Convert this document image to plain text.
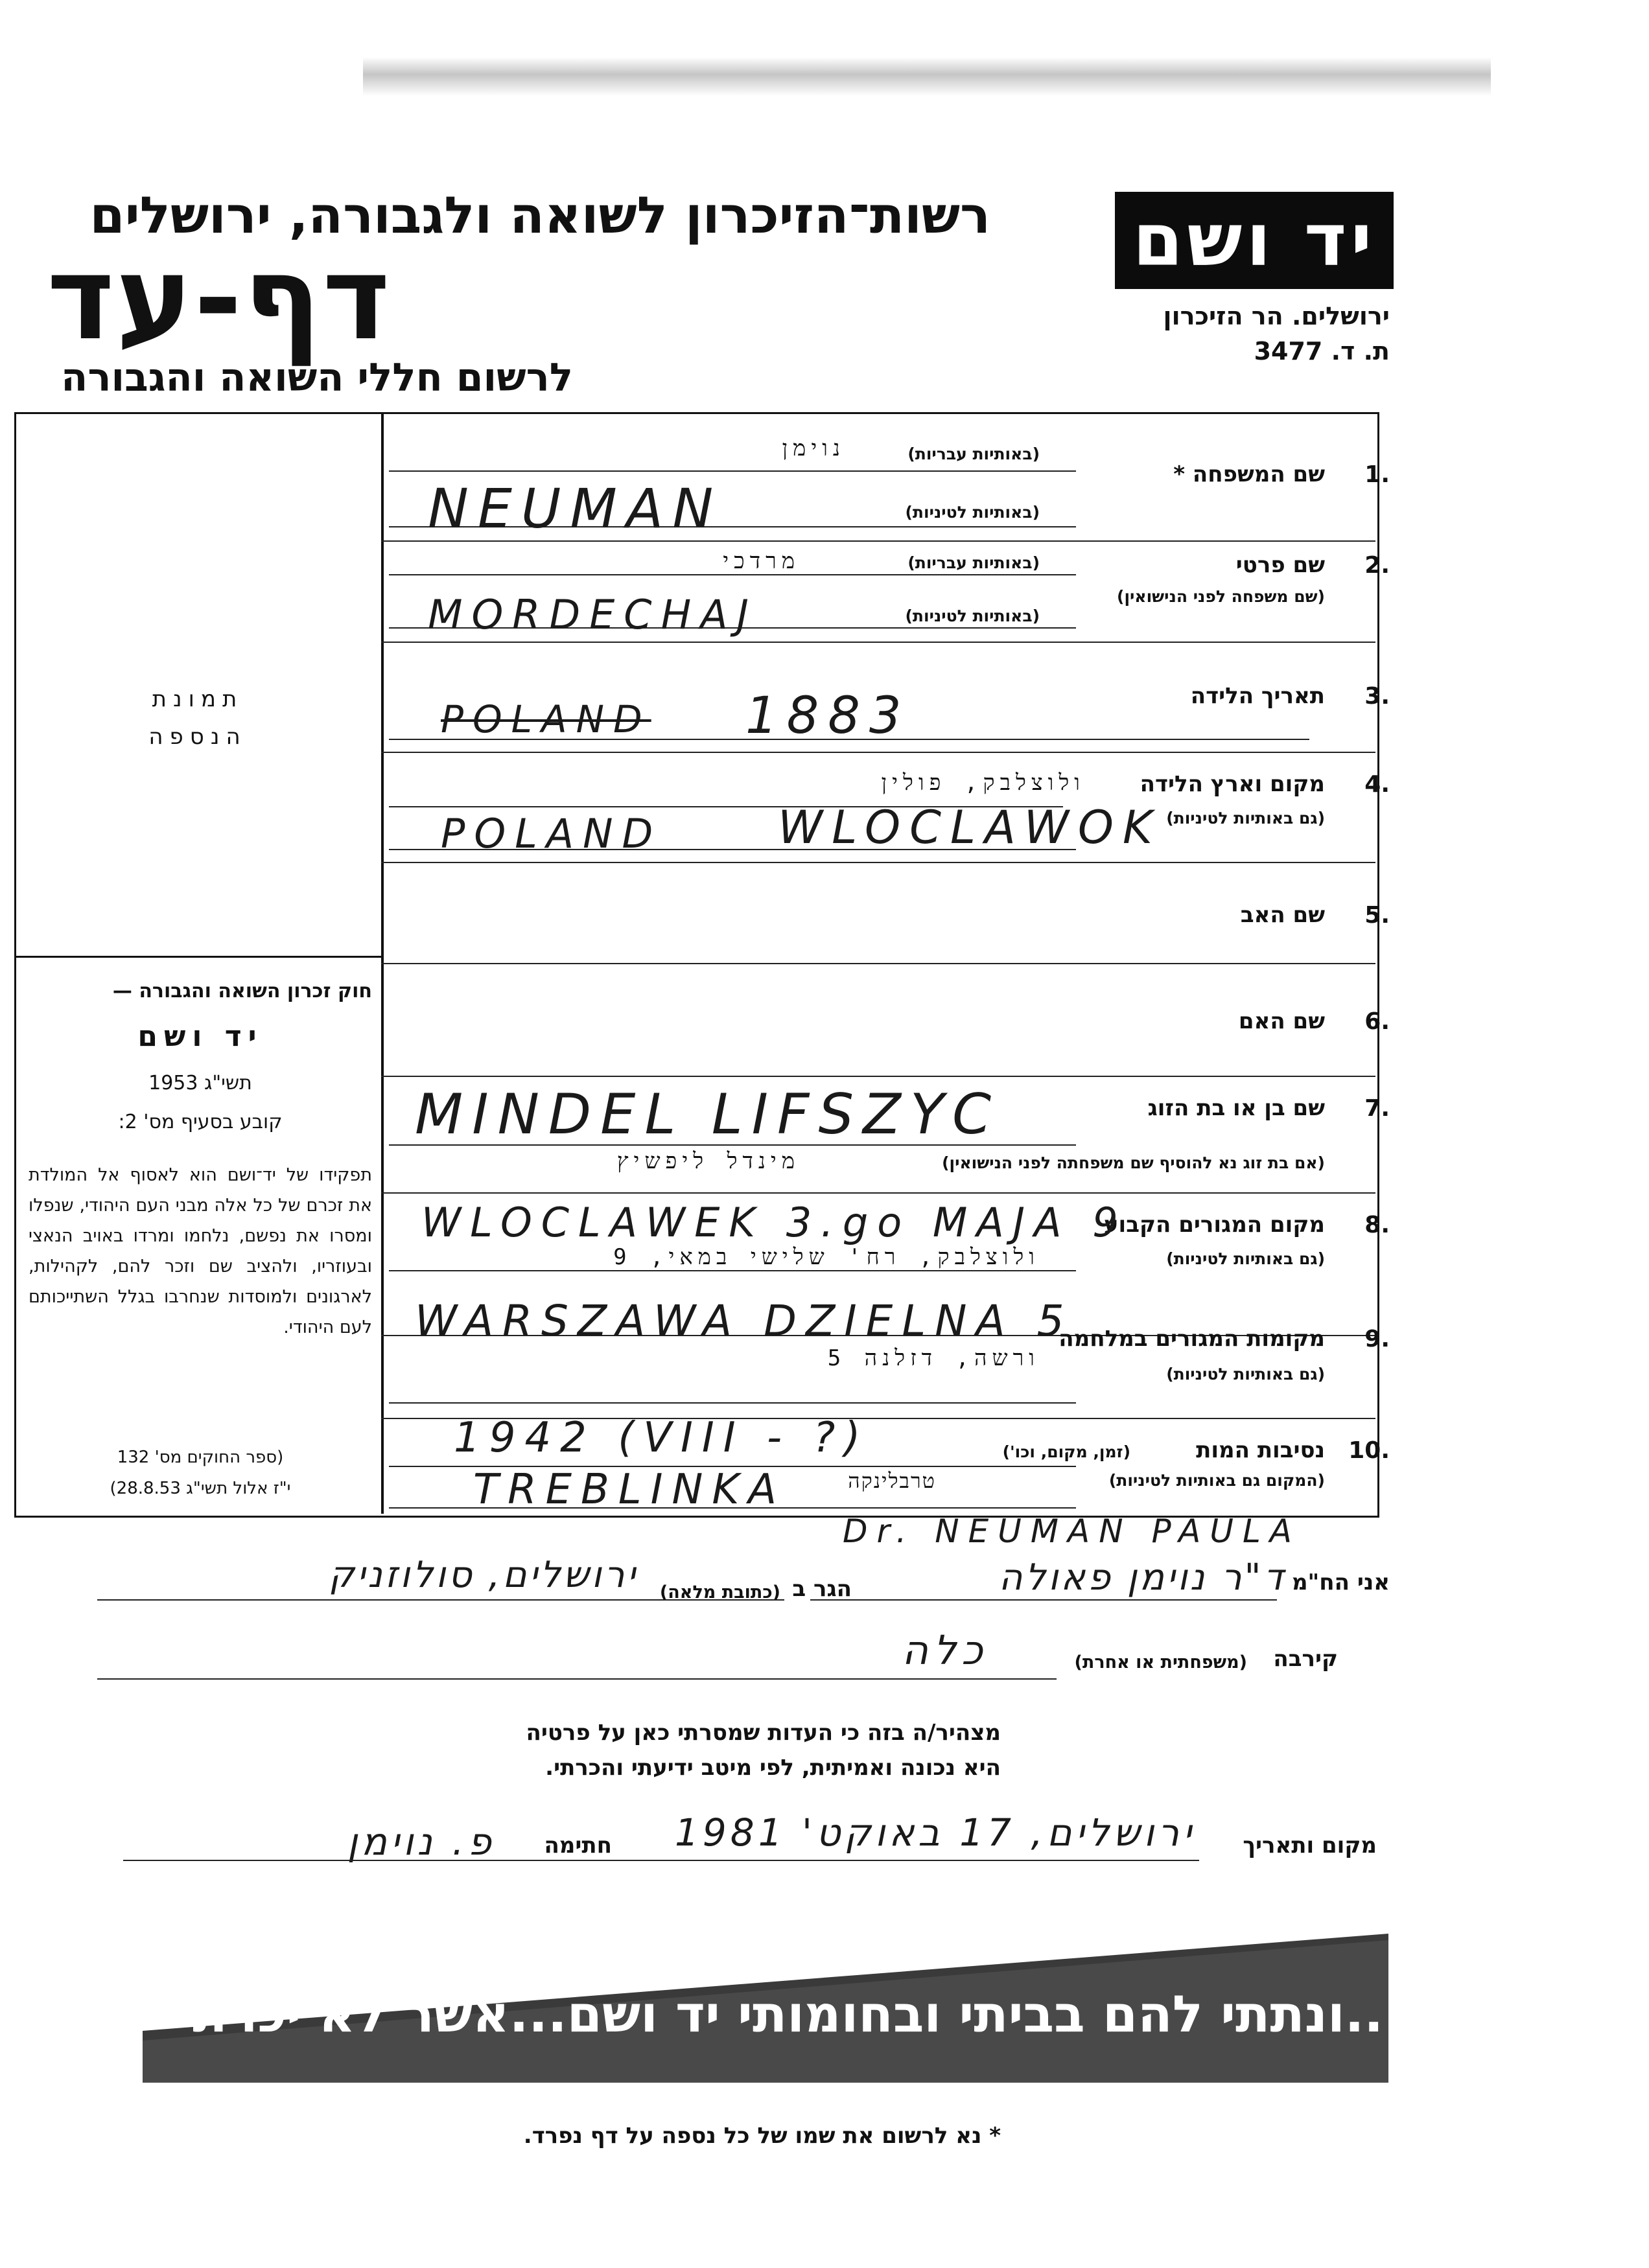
רשות־הזיכרון לשואה ולגבורה, ירושלים
דף-עד
לרשום חללי השואה והגבורה
יד ושם
ירושלים. הר הזיכרון
ת. ד. 3477
תמונת
הנספה
חוק זכרון השואה והגבורה —
יד ושם
תשי"ג 1953
קובע בסעיף מס' 2:
תפקידו של יד־ושם הוא לאסוף אל המולדת את זכרם של כל אלה מבני העם היהודי, שנפלו ומסרו את נפשם, נלחמו ומרדו באויב הנאצי ובעוזריו, ולהציב שם וזכר להם, לקהילות, לארגונים ולמוסדות שנחרבו בגלל השתייכותם לעם היהודי.
(ספר החוקים מס' 132
י"ז אלול תשי"ג 28.8.53)
1.
שם המשפחה *
(באותיות עבריות)
(באותיות לטיניות)
נוימן
NEUMAN
2.
שם פרטי
(שם משפחה לפני הנישואין)
(באותיות עבריות)
(באותיות לטיניות)
מרדכי
MORDECHAJ
3.
תאריך הלידה
POLAND 1883
4.
מקום וארץ הלידה
(גם באותיות לטיניות)
ולוצלבק, פולין
POLAND	WLOCLAWOK
5.
שם האב
6.
שם האם
7.
שם בן או בת הזוג
(אם בת זוג נא להוסיף שם משפחתה לפני הנישואין)
MINDEL LIFSZYC
מינדל ליפשיץ
8.
מקום המגורים הקבוע
(גם באותיות לטיניות)
WLOCLAWEK 3.go MAJA 9
ולוצלבק, רח' שלישי במאי, 9
9.
מקומות המגורים במלחמה
(גם באותיות לטיניות)
WARSZAWA DZIELNA 5
ורשה, דזלנה 5
10.
נסיבות המות
(זמן, מקום, וכו')
(המקום גם באותיות לטיניות)
1942 (VIII - ?)
TREBLINKA	טרבלינקה
אני הח"מ
Dr. NEUMAN PAULA
ד"ר נוימן פאולה
הגר ב
(כתובת מלאה)
ירושלים, סולוזניק
קירבה
(משפחתית או אחרת)
כלה
מצהיר/ה בזה כי העדות שמסרתי כאן על פרטיה
היא נכונה ואמיתית, לפי מיטב ידיעתי והכרתי.
מקום ותאריך
ירושלים, 17 באוקט' 1981
חתימה
פ. נוימן
..ונתתי להם בביתי ובחומותי יד ושם...אשר לא יכרת
* נא לרשום את שמו של כל נספה על דף נפרד.
